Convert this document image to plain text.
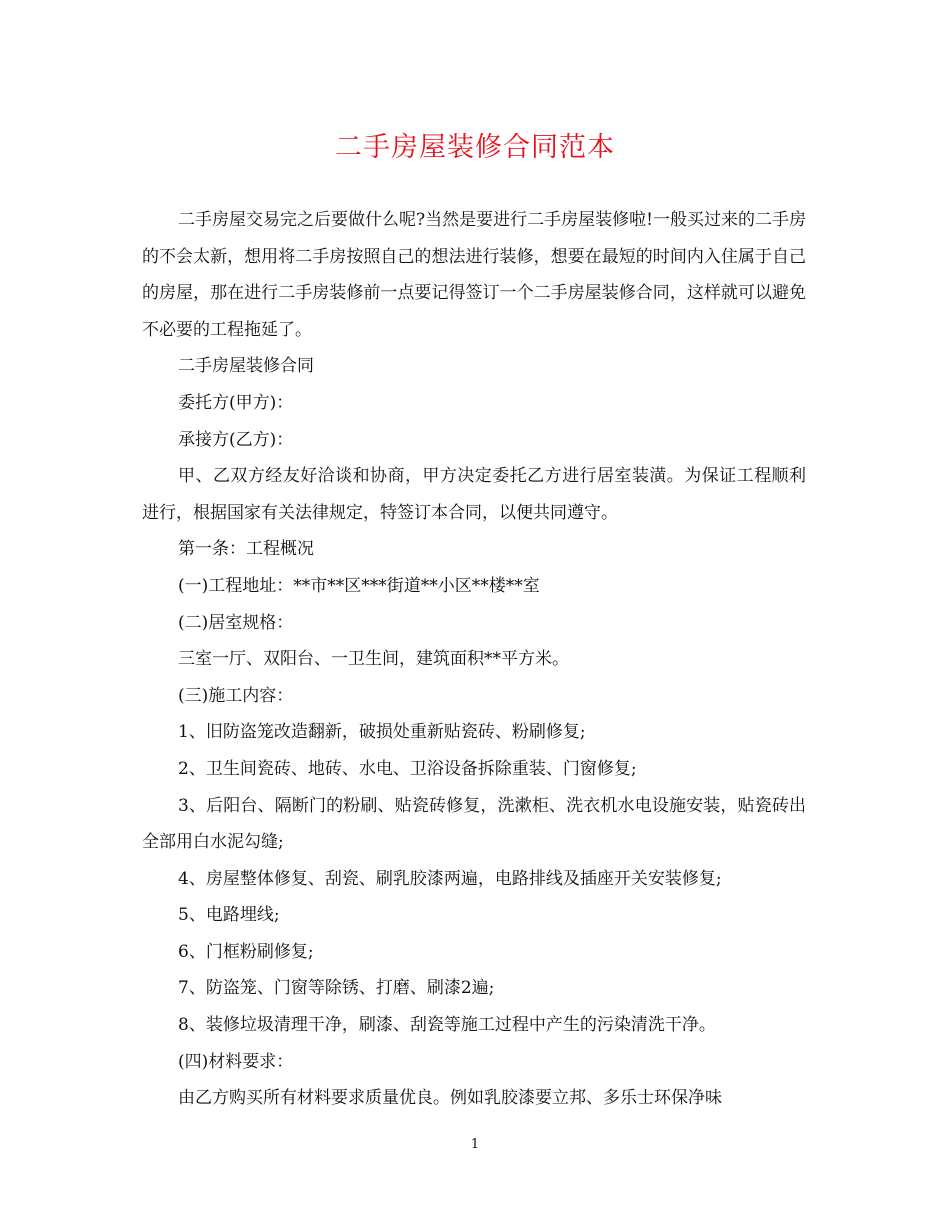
二手房屋装修合同范本

二手房屋交易完之后要做什么呢?当然是要进行二手房屋装修啦!一般买过来的二手房的不会太新，想用将二手房按照自己的想法进行装修，想要在最短的时间内入住属于自己的房屋，那在进行二手房装修前一点要记得签订一个二手房屋装修合同，这样就可以避免不必要的工程拖延了。

二手房屋装修合同

委托方(甲方)：

承接方(乙方)：

甲、乙双方经友好洽谈和协商，甲方决定委托乙方进行居室装潢。为保证工程顺利进行，根据国家有关法律规定，特签订本合同，以便共同遵守。

第一条：工程概况

(一)工程地址：**市**区***街道**小区**楼**室

(二)居室规格：

三室一厅、双阳台、一卫生间，建筑面积**平方米。

(三)施工内容：

1、旧防盗笼改造翻新，破损处重新贴瓷砖、粉刷修复;

2、卫生间瓷砖、地砖、水电、卫浴设备拆除重装、门窗修复;

3、后阳台、隔断门的粉刷、贴瓷砖修复，洗漱柜、洗衣机水电设施安装，贴瓷砖出全部用白水泥勾缝;

4、房屋整体修复、刮瓷、刷乳胶漆两遍，电路排线及插座开关安装修复;

5、电路埋线;

6、门框粉刷修复;

7、防盗笼、门窗等除锈、打磨、刷漆2遍;

8、装修垃圾清理干净，刷漆、刮瓷等施工过程中产生的污染清洗干净。

(四)材料要求：

由乙方购买所有材料要求质量优良。例如乳胶漆要立邦、多乐士环保净味

1
